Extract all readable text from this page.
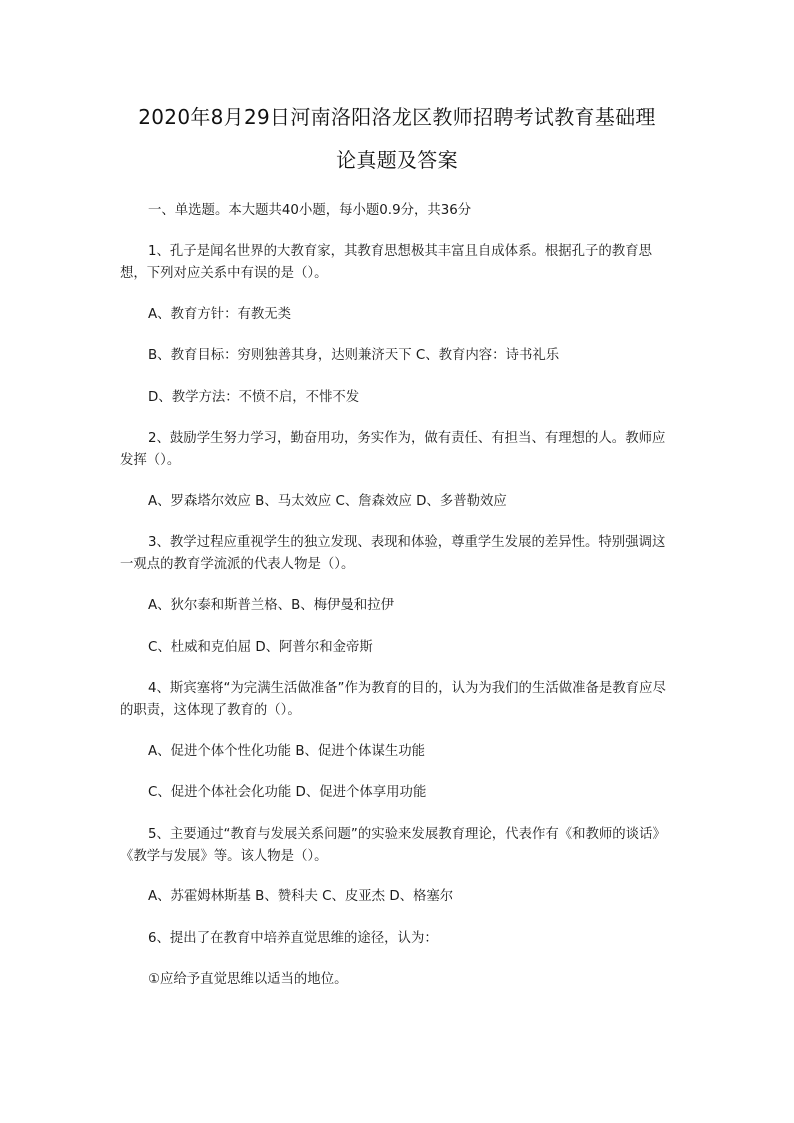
2020年8月29日河南洛阳洛龙区教师招聘考试教育基础理
论真题及答案
一、单选题。本大题共40小题，每小题0.9分，共36分
1、孔子是闻名世界的大教育家，其教育思想极其丰富且自成体系。根据孔子的教育思想，下列对应关系中有误的是（）。
A、教育方针：有教无类
B、教育目标：穷则独善其身，达则兼济天下 C、教育内容：诗书礼乐
D、教学方法：不愤不启，不悱不发
2、鼓励学生努力学习，勤奋用功，务实作为，做有责任、有担当、有理想的人。教师应发挥（）。
A、罗森塔尔效应 B、马太效应 C、詹森效应 D、多普勒效应
3、教学过程应重视学生的独立发现、表现和体验，尊重学生发展的差异性。特别强调这一观点的教育学流派的代表人物是（）。
A、狄尔泰和斯普兰格、B、梅伊曼和拉伊
C、杜威和克伯屈 D、阿普尔和金帝斯
4、斯宾塞将“为完满生活做准备”作为教育的目的，认为为我们的生活做准备是教育应尽的职责，这体现了教育的（）。
A、促进个体个性化功能 B、促进个体谋生功能
C、促进个体社会化功能 D、促进个体享用功能
5、主要通过“教育与发展关系问题”的实验来发展教育理论，代表作有《和教师的谈话》《教学与发展》等。该人物是（）。
A、苏霍姆林斯基 B、赞科夫 C、皮亚杰 D、格塞尔
6、提出了在教育中培养直觉思维的途径，认为：
①应给予直觉思维以适当的地位。
